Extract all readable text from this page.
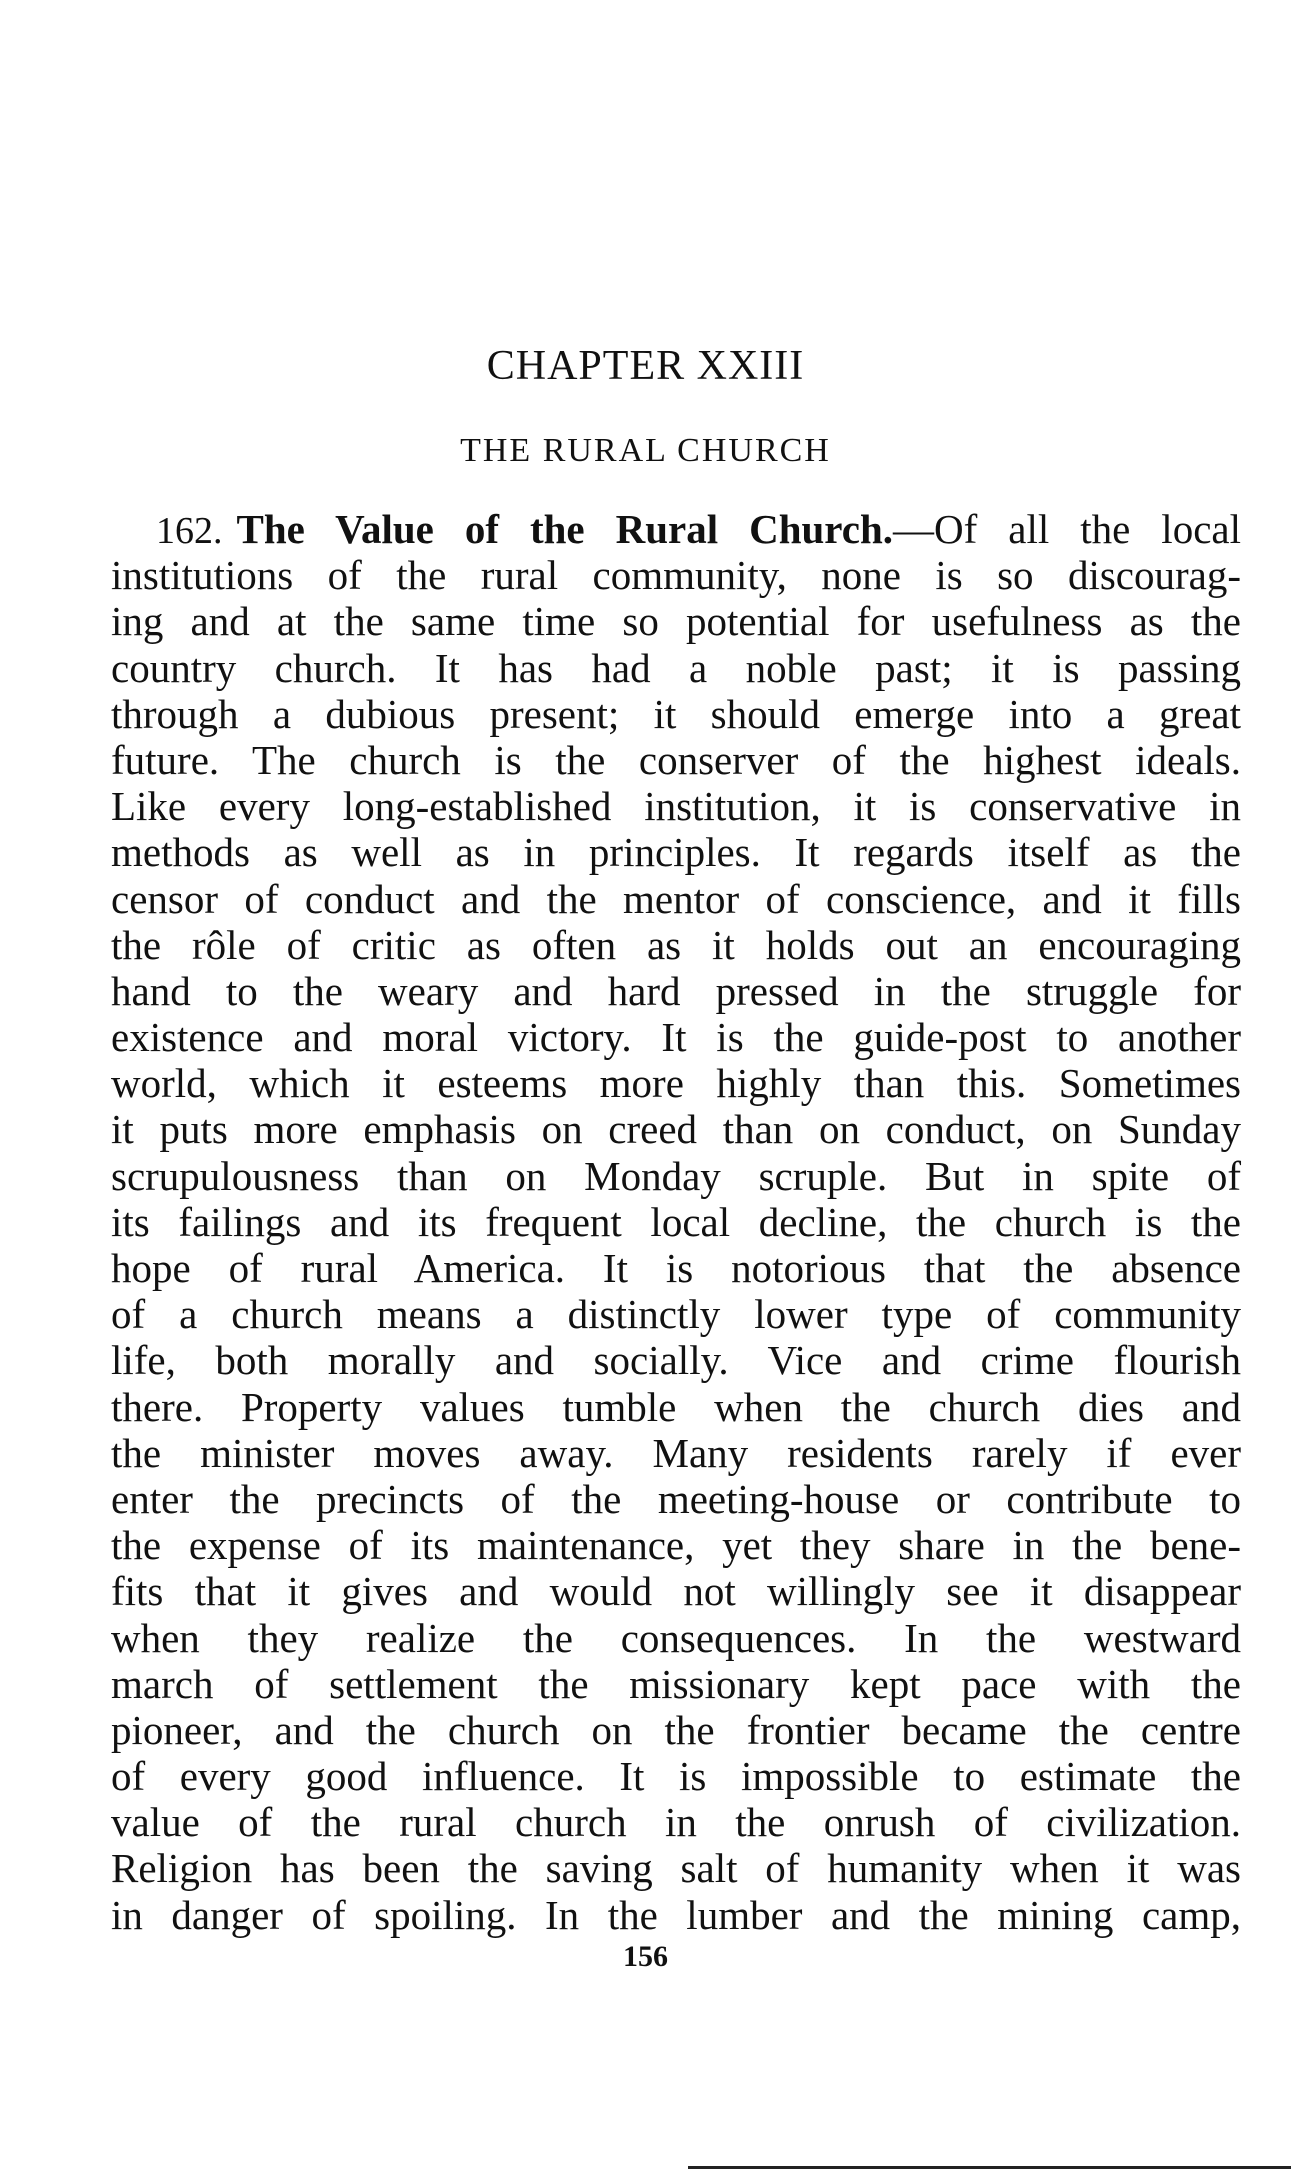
CHAPTER XXIII
THE RURAL CHURCH
162. The Value of the Rural Church.—Of all the local
institutions of the rural community, none is so discourag-
ing and at the same time so potential for usefulness as the
country church. It has had a noble past; it is passing
through a dubious present; it should emerge into a great
future. The church is the conserver of the highest ideals.
Like every long-established institution, it is conservative in
methods as well as in principles. It regards itself as the
censor of conduct and the mentor of conscience, and it fills
the rôle of critic as often as it holds out an encouraging
hand to the weary and hard pressed in the struggle for
existence and moral victory. It is the guide-post to another
world, which it esteems more highly than this. Sometimes
it puts more emphasis on creed than on conduct, on Sunday
scrupulousness than on Monday scruple. But in spite of
its failings and its frequent local decline, the church is the
hope of rural America. It is notorious that the absence
of a church means a distinctly lower type of community
life, both morally and socially. Vice and crime flourish
there. Property values tumble when the church dies and
the minister moves away. Many residents rarely if ever
enter the precincts of the meeting-house or contribute to
the expense of its maintenance, yet they share in the bene-
fits that it gives and would not willingly see it disappear
when they realize the consequences. In the westward
march of settlement the missionary kept pace with the
pioneer, and the church on the frontier became the centre
of every good influence. It is impossible to estimate the
value of the rural church in the onrush of civilization.
Religion has been the saving salt of humanity when it was
in danger of spoiling. In the lumber and the mining camp,
156
